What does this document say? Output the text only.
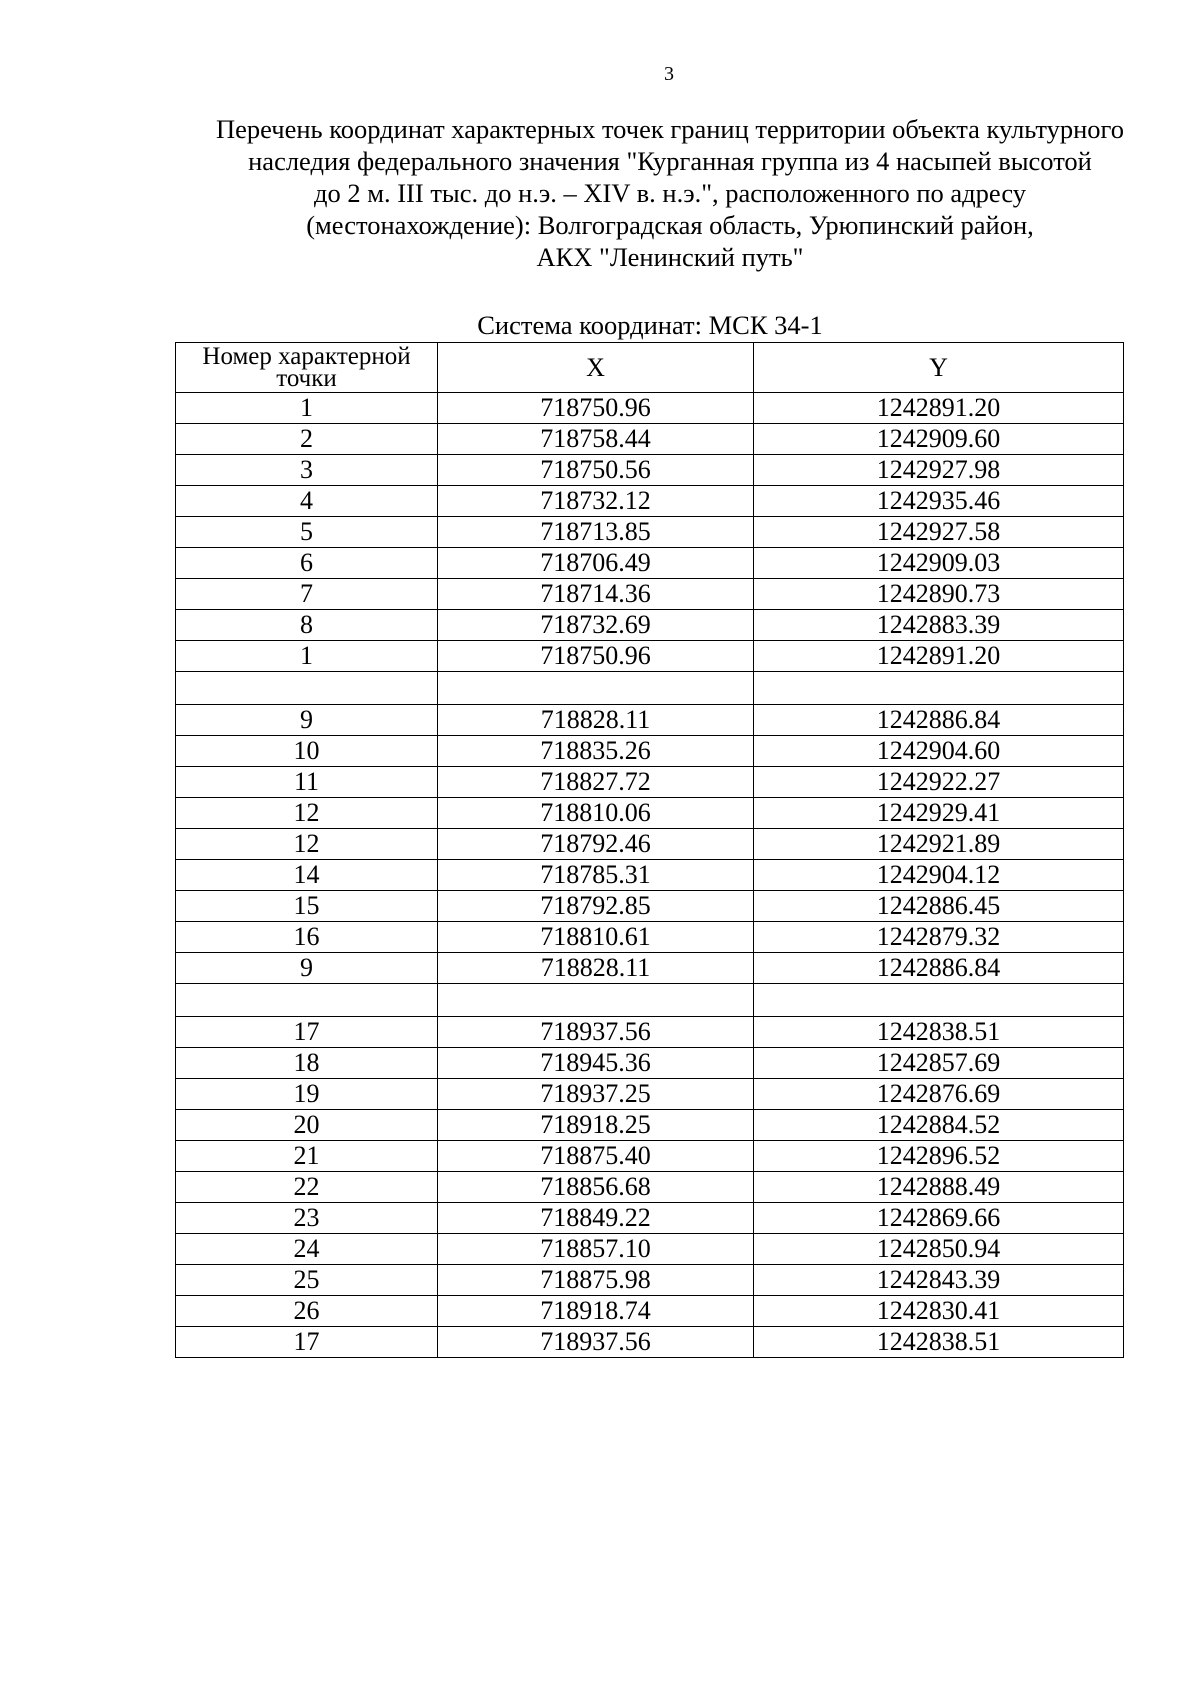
3
Перечень координат характерных точек границ территории объекта культурного
наследия федерального значения "Курганная группа из 4 насыпей высотой
до 2 м. III тыс. до н.э. – XIV в. н.э.", расположенного по адресу
(местонахождение): Волгоградская область, Урюпинский район,
АКХ "Ленинский путь"
Система координат: МСК 34-1
Номер характерной точки	X	Y
1	718750.96	1242891.20
2	718758.44	1242909.60
3	718750.56	1242927.98
4	718732.12	1242935.46
5	718713.85	1242927.58
6	718706.49	1242909.03
7	718714.36	1242890.73
8	718732.69	1242883.39
1	718750.96	1242891.20

9	718828.11	1242886.84
10	718835.26	1242904.60
11	718827.72	1242922.27
12	718810.06	1242929.41
12	718792.46	1242921.89
14	718785.31	1242904.12
15	718792.85	1242886.45
16	718810.61	1242879.32
9	718828.11	1242886.84

17	718937.56	1242838.51
18	718945.36	1242857.69
19	718937.25	1242876.69
20	718918.25	1242884.52
21	718875.40	1242896.52
22	718856.68	1242888.49
23	718849.22	1242869.66
24	718857.10	1242850.94
25	718875.98	1242843.39
26	718918.74	1242830.41
17	718937.56	1242838.51
